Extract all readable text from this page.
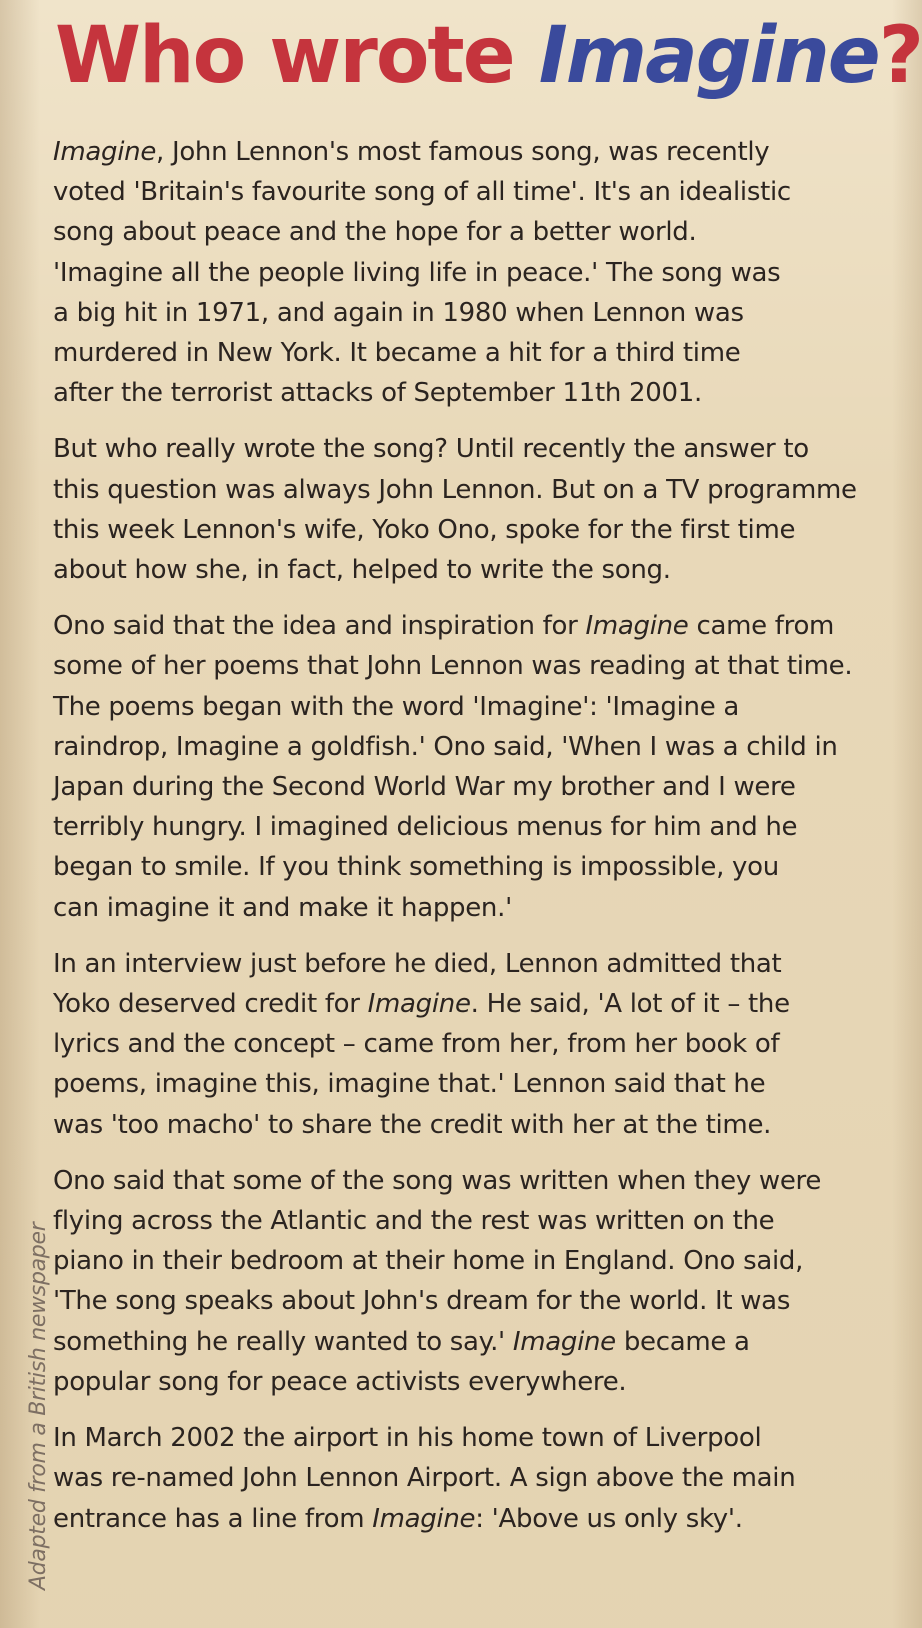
Who wrote Imagine?

Imagine, John Lennon's most famous song, was recently
voted 'Britain's favourite song of all time'. It's an idealistic
song about peace and the hope for a better world.
'Imagine all the people living life in peace.' The song was
a big hit in 1971, and again in 1980 when Lennon was
murdered in New York. It became a hit for a third time
after the terrorist attacks of September 11th 2001.

But who really wrote the song? Until recently the answer to
this question was always John Lennon. But on a TV programme
this week Lennon's wife, Yoko Ono, spoke for the first time
about how she, in fact, helped to write the song.

Ono said that the idea and inspiration for Imagine came from
some of her poems that John Lennon was reading at that time.
The poems began with the word 'Imagine': 'Imagine a
raindrop, Imagine a goldfish.' Ono said, 'When I was a child in
Japan during the Second World War my brother and I were
terribly hungry. I imagined delicious menus for him and he
began to smile. If you think something is impossible, you
can imagine it and make it happen.'

In an interview just before he died, Lennon admitted that
Yoko deserved credit for Imagine. He said, 'A lot of it – the
lyrics and the concept – came from her, from her book of
poems, imagine this, imagine that.' Lennon said that he
was 'too macho' to share the credit with her at the time.

Ono said that some of the song was written when they were
flying across the Atlantic and the rest was written on the
piano in their bedroom at their home in England. Ono said,
'The song speaks about John's dream for the world. It was
something he really wanted to say.' Imagine became a
popular song for peace activists everywhere.

In March 2002 the airport in his home town of Liverpool
was re-named John Lennon Airport. A sign above the main
entrance has a line from Imagine: 'Above us only sky'.

Adapted from a British newspaper
